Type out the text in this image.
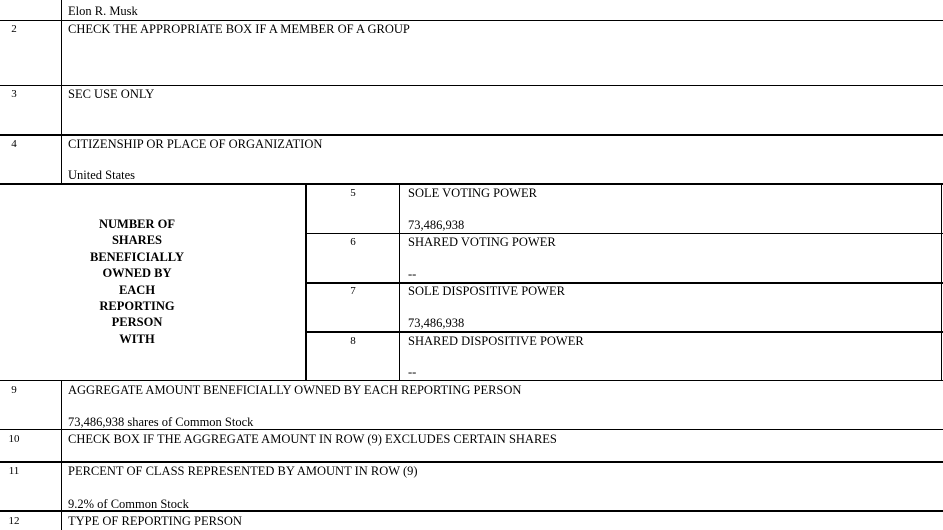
Elon R. Musk
2	CHECK THE APPROPRIATE BOX IF A MEMBER OF A GROUP
3	SEC USE ONLY
4	CITIZENSHIP OR PLACE OF ORGANIZATION
United States
NUMBER OF
SHARES
BENEFICIALLY
OWNED BY
EACH
REPORTING
PERSON
WITH
5	SOLE VOTING POWER
73,486,938
6	SHARED VOTING POWER
--
7	SOLE DISPOSITIVE POWER
73,486,938
8	SHARED DISPOSITIVE POWER
--
9	AGGREGATE AMOUNT BENEFICIALLY OWNED BY EACH REPORTING PERSON
73,486,938 shares of Common Stock
10	CHECK BOX IF THE AGGREGATE AMOUNT IN ROW (9) EXCLUDES CERTAIN SHARES
11	PERCENT OF CLASS REPRESENTED BY AMOUNT IN ROW (9)
9.2% of Common Stock
12	TYPE OF REPORTING PERSON
